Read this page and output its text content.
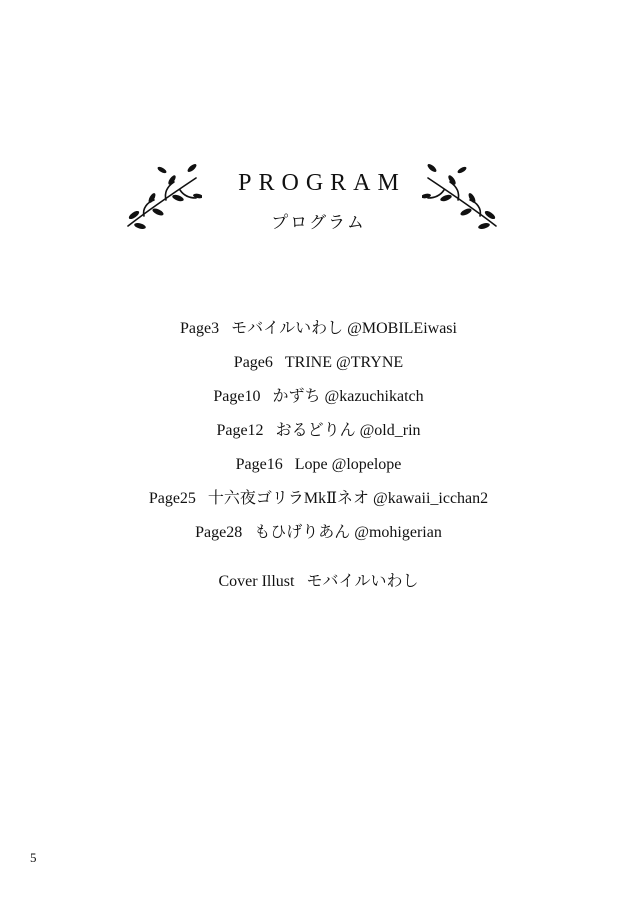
PROGRAM
プログラム
Page3 モバイルいわし @MOBILEiwasi
Page6 TRINE @TRYNE
Page10 かずち @kazuchikatch
Page12 おるどりん @old_rin
Page16 Lope @lopelope
Page25 十六夜ゴリラMkⅡネオ @kawaii_icchan2
Page28 もひげりあん @mohigerian
Cover Illust モバイルいわし
5
